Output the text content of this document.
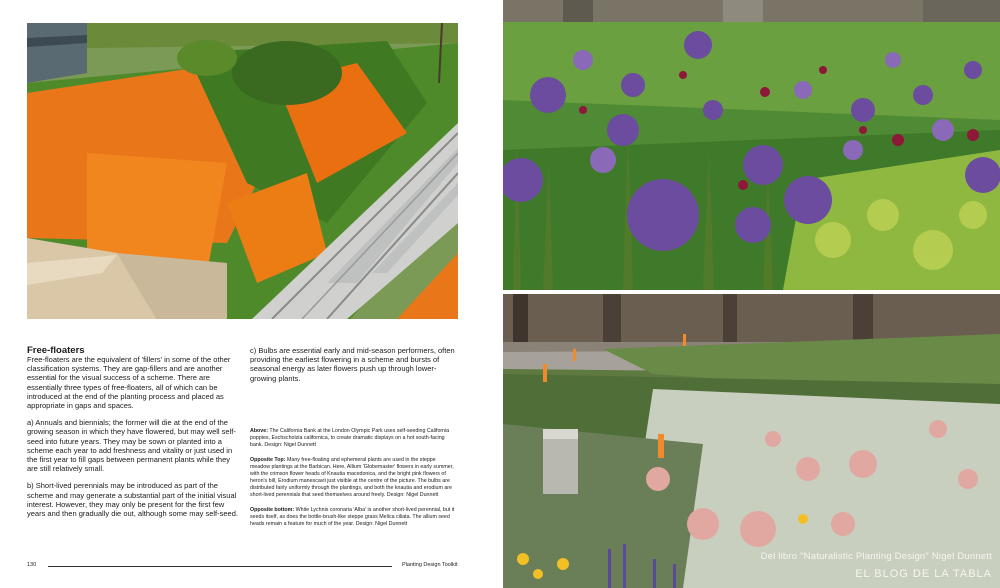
Free-floaters

Free-floaters are the equivalent of 'fillers' in some of the other classification systems. They are gap-fillers and are another essential for the visual success of a scheme. There are essentially three types of free-floaters, all of which can be introduced at the end of the planting process and placed as appropriate in gaps and spaces.

a) Annuals and biennials; the former will die at the end of the growing season in which they have flowered, but may well self-seed into future years. They may be sown or planted into a scheme each year to add freshness and vitality or just used in the first year to fill gaps between permanent plants while they are still relatively small.

b) Short-lived perennials may be introduced as part of the scheme and may generate a substantial part of the initial visual interest. However, they may only be present for the first few years and then gradually die out, although some may self-seed.

c) Bulbs are essential early and mid-season performers, often providing the earliest flowering in a scheme and bursts of seasonal energy as later flowers push up through lower-growing plants.

Above: The California Bank at the London Olympic Park uses self-seeding California poppies, Eschscholzia californica, to create dramatic displays on a hot south-facing bank. Design: Nigel Dunnett

Opposite Top: Many free-floating and ephemeral plants are used in the steppe meadow plantings at the Barbican. Here, Allium 'Globemaster' flowers in early summer, with the crimson flower heads of Knautia macedonica, and the bright pink flowers of heron's bill, Erodium manescavii just visible at the centre of the picture. The bulbs are distributed fairly uniformly through the plantings, and both the knautia and erodium are short-lived perennials that seed themselves around freely. Design: Nigel Dunnett

Opposite bottom: White Lychnis coronaria 'Alba' is another short-lived perennial, but it seeds itself, as does the bottle-brush-like steppe grass Melica ciliata. The allium seed heads remain a feature for much of the year. Design: Nigel Dunnett

130	Planting Design Toolkit
Del libro "Naturalistic Planting Design" Nigel Dunnett
EL BLOG DE LA TABLA
